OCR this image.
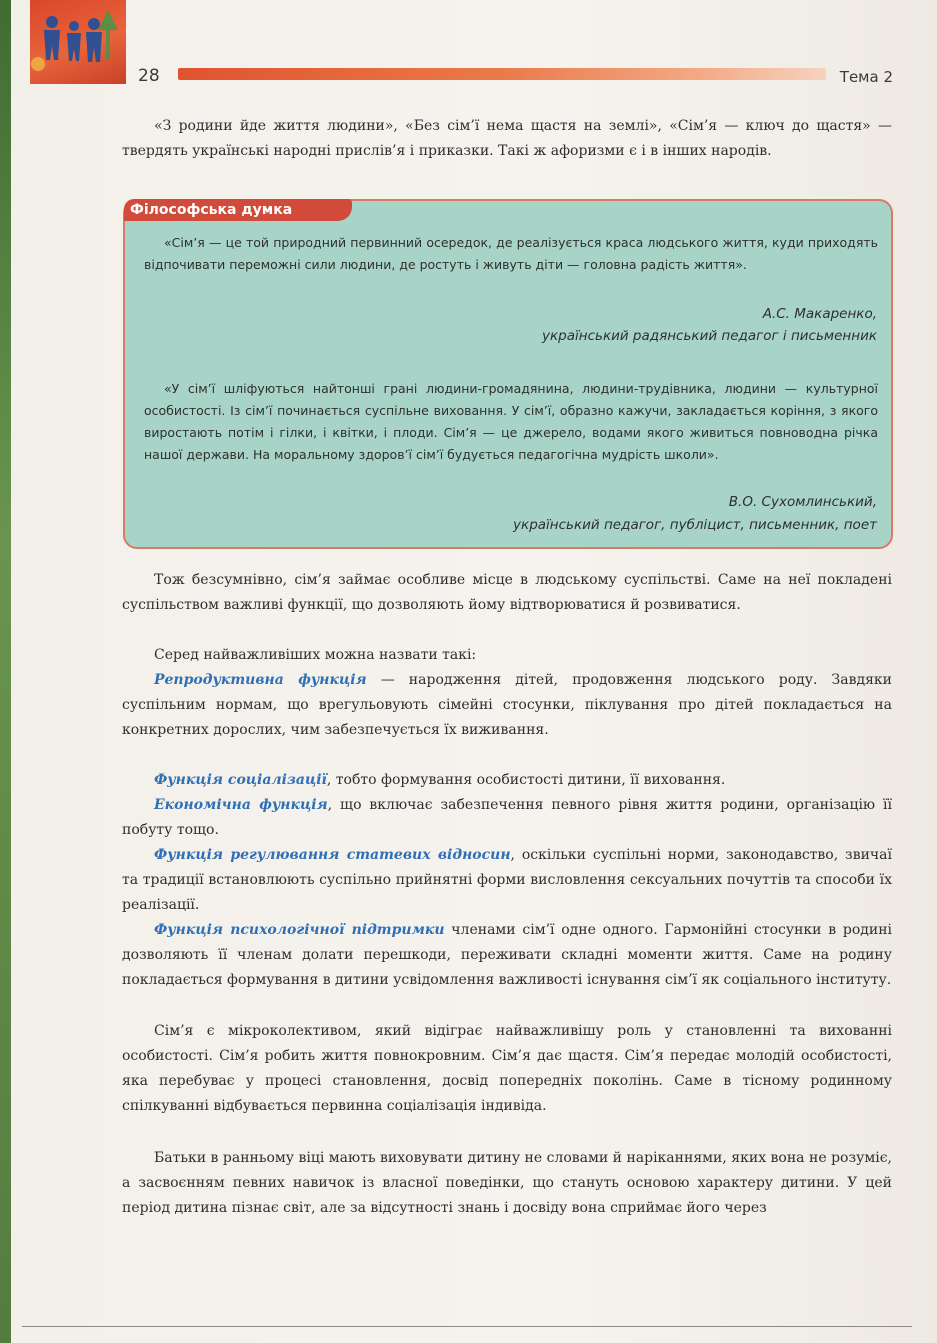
28	Тема 2

«З родини йде життя людини», «Без сім’ї нема щастя на землі», «Сім’я — ключ до щастя» — твердять українські народні прислів’я і приказки. Такі ж афоризми є і в інших народів.

Філософська думка

«Сім’я — це той природний первинний осередок, де реалізується краса людського життя, куди приходять відпочивати переможні сили людини, де ростуть і живуть діти — головна радість життя».

А.С. Макаренко,
український радянський педагог і письменник

«У сім’ї шліфуються найтонші грані людини-громадянина, людини-трудівника, людини — культурної особистості. Із сім’ї починається суспільне виховання. У сім’ї, образно кажучи, закладається коріння, з якого виростають потім і гілки, і квітки, і плоди. Сім’я — це джерело, водами якого живиться повноводна річка нашої держави. На моральному здоров’ї сім’ї будується педагогічна мудрість школи».

В.О. Сухомлинський,
український педагог, публіцист, письменник, поет

Тож безсумнівно, сім’я займає особливе місце в людському суспільстві. Саме на неї покладені суспільством важливі функції, що дозволяють йому відтворюватися й розвиватися.

Серед найважливіших можна назвати такі:

Репродуктивна функція — народження дітей, продовження людського роду. Завдяки суспільним нормам, що врегульовують сімейні стосунки, піклування про дітей покладається на конкретних дорослих, чим забезпечується їх виживання.

Функція соціалізації, тобто формування особистості дитини, її виховання.

Економічна функція, що включає забезпечення певного рівня життя родини, організацію її побуту тощо.

Функція регулювання статевих відносин, оскільки суспільні норми, законодавство, звичаї та традиції встановлюють суспільно прийнятні форми висловлення сексуальних почуттів та способи їх реалізації.

Функція психологічної підтримки членами сім’ї одне одного. Гармонійні стосунки в родині дозволяють її членам долати перешкоди, переживати складні моменти життя. Саме на родину покладається формування в дитини усвідомлення важливості існування сім’ї як соціального інституту.

Сім’я є мікроколективом, який відіграє найважливішу роль у становленні та вихованні особистості. Сім’я робить життя повнокровним. Сім’я дає щастя. Сім’я передає молодій особистості, яка перебуває у процесі становлення, досвід попередніх поколінь. Саме в тісному родинному спілкуванні відбувається первинна соціалізація індивіда.

Батьки в ранньому віці мають виховувати дитину не словами й наріканнями, яких вона не розуміє, а засвоєнням певних навичок із власної поведінки, що стануть основою характеру дитини. У цей період дитина пізнає світ, але за відсутності знань і досвіду вона сприймає його через
